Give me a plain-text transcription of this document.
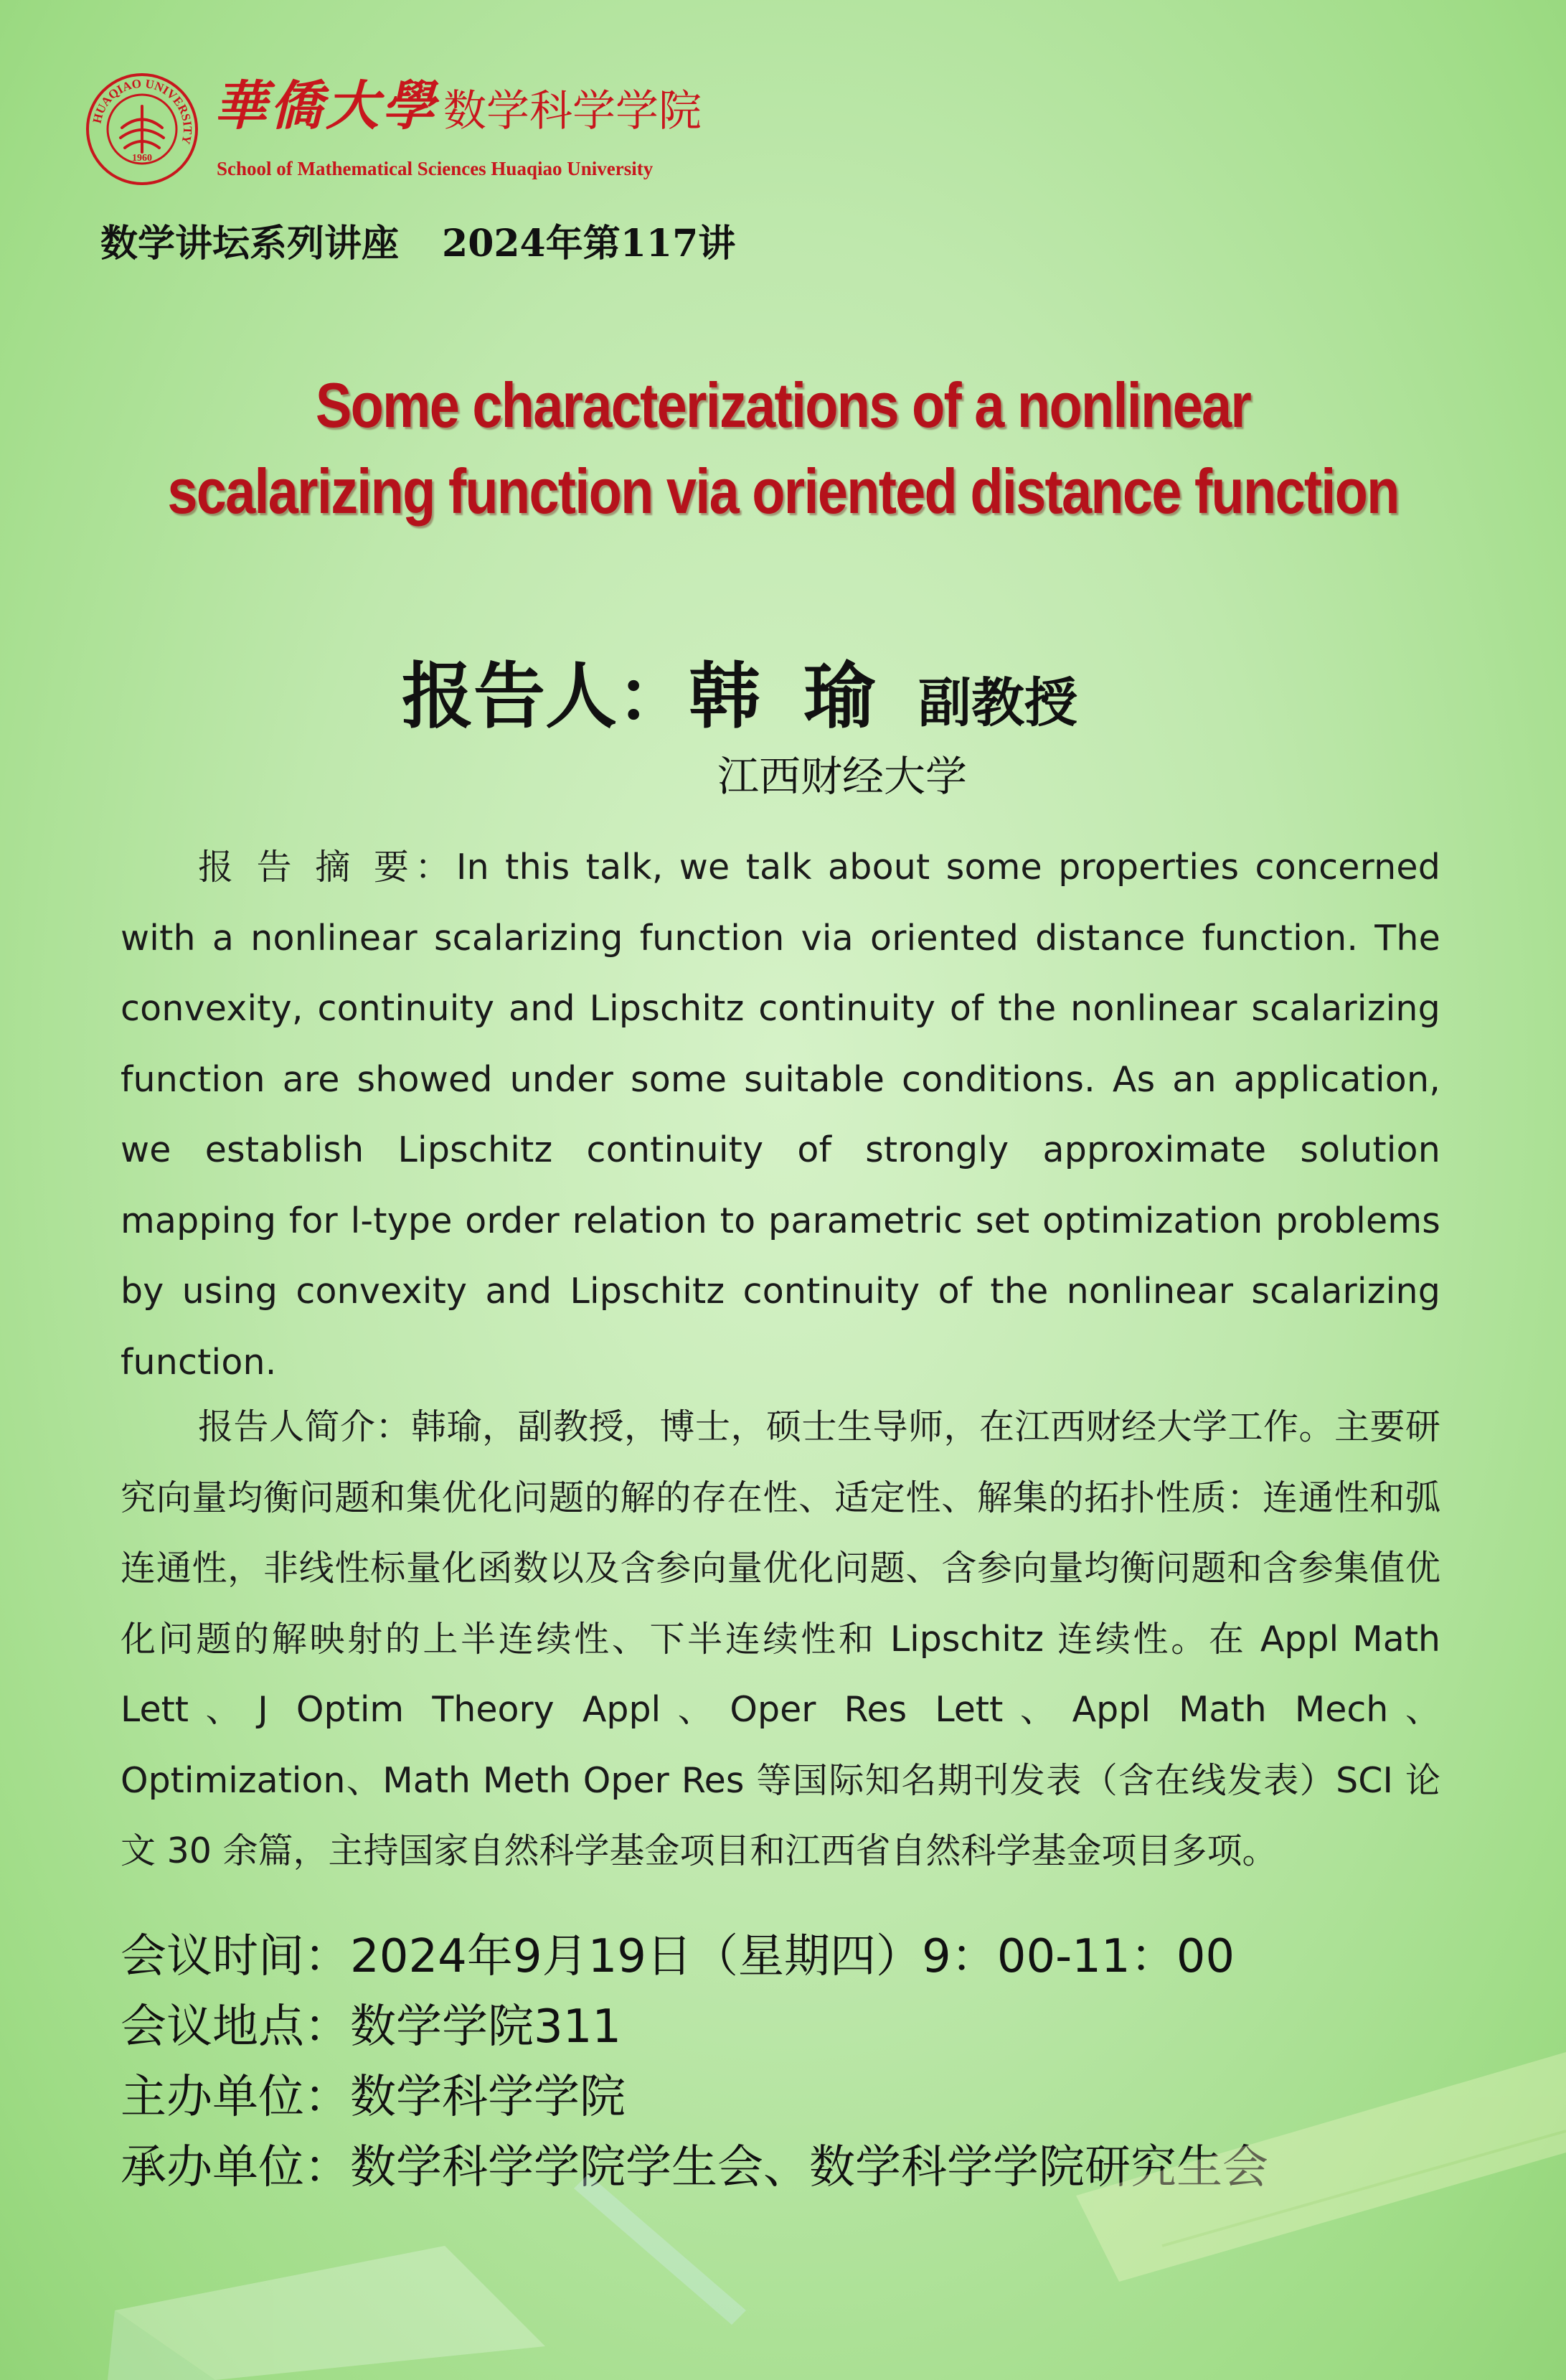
HUAQIAO UNIVERSITY
1960
華僑大學 数学科学学院
School of Mathematical Sciences Huaqiao University
数学讲坛系列讲座 2024年第117讲
Some characterizations of a nonlinear
scalarizing function via oriented distance function
报告人：韩瑜副教授
江西财经大学
报 告 摘 要：In this talk, we talk about some properties concerned with a nonlinear scalarizing function via oriented distance function. The convexity, continuity and Lipschitz continuity of the nonlinear scalarizing function are showed under some suitable conditions. As an application, we establish Lipschitz continuity of strongly approximate solution mapping for l-type order relation to parametric set optimization problems by using convexity and Lipschitz continuity of the nonlinear scalarizing function.
报告人简介：韩瑜，副教授，博士，硕士生导师，在江西财经大学工作。主要研究向量均衡问题和集优化问题的解的存在性、适定性、解集的拓扑性质：连通性和弧连通性，非线性标量化函数以及含参向量优化问题、含参向量均衡问题和含参集值优化问题的解映射的上半连续性、下半连续性和 Lipschitz 连续性。在 Appl Math Lett、J Optim Theory Appl、Oper Res Lett、Appl Math Mech、Optimization、Math Meth Oper Res 等国际知名期刊发表（含在线发表）SCI 论文 30 余篇，主持国家自然科学基金项目和江西省自然科学基金项目多项。
会议时间：2024年9月19日（星期四）9：00-11：00
会议地点：数学学院311
主办单位：数学科学学院
承办单位：数学科学学院学生会、数学科学学院研究生会
